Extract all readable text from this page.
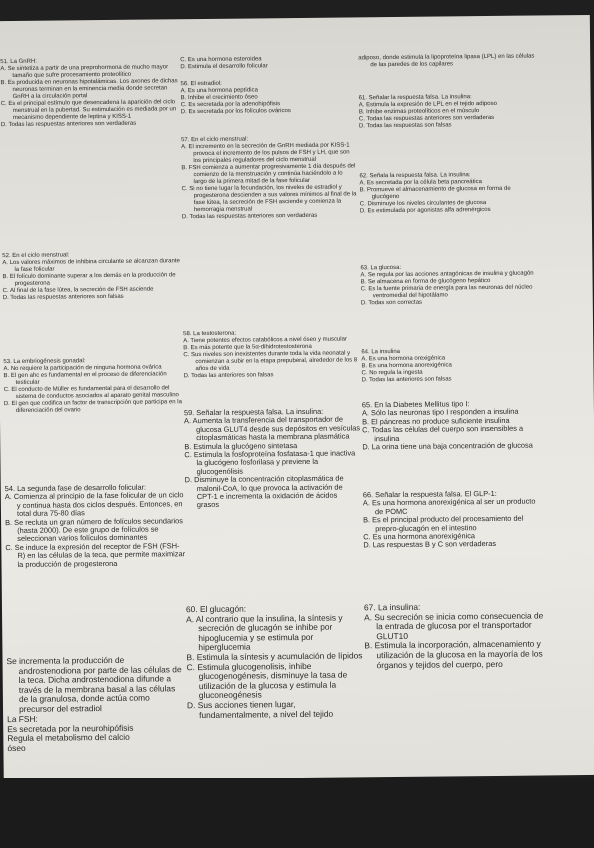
51. La GnRH:
A. Se sintetiza a partir de una preprohormona de mucho mayor tamaño que sufre procesamiento proteolítico
B. Es producida en neuronas hipotalámicas. Los axones de dichas neuronas terminan en la eminencia media donde secretan GnRH a la circulación portal
C. Es el principal estímulo que desencadena la aparición del ciclo menstrual en la pubertad. Su estimulación es mediada por un mecanismo dependiente de leptina y KISS-1
D. Todas las respuestas anteriores son verdaderas
52. En el ciclo menstrual:
A. Los valores máximos de inhibina circulante se alcanzan durante la fase folicular
B. El folículo dominante superar a los demás en la producción de progesterona
C. Al final de la fase lútea, la secreción de FSH asciende
D. Todas las respuestas anteriores son falsas
53. La embriogénesis gonadal:
A. No requiere la participación de ninguna hormona ovárica
B. El gen ahc es fundamental en el proceso de diferenciación testicular
C. El conducto de Müller es fundamental para el desarrollo del sistema de conductos asociados al aparato genital masculino
D. El gen que codifica un factor de transcripción que participa en la diferenciación del ovario
54. La segunda fase de desarrollo folicular:
A. Comienza al principio de la fase folicular de un ciclo y continua hasta dos ciclos después. Entonces, en total dura 75-80 días
B. Se recluta un gran número de folículos secundarios (hasta 2000). De este grupo de folículos se seleccionan varios folículos dominantes
C. Se induce la expresión del receptor de FSH (FSH-R) en las células de la teca, que permite maximizar la producción de progesterona
Se incrementa la producción de androstenodiona por parte de las células de la teca. Dicha androstenodiona difunde a través de la membrana basal a las células de la granulosa, donde actúa como precursor del estradiol
La FSH:
Es secretada por la neurohipófisis
Regula el metabolismo del calcio
óseo
C. Es una hormona esteroidea
D. Estimula el desarrollo folicular
56. El estradiol:
A. Es una hormona peptídica
B. Inhibe el crecimiento óseo
C. Es secretada por la adenohipófisis
D. Es secretada por los folículos ováricos
57. En el ciclo menstrual:
A. El incremento en la secreción de GnRH mediada por KISS-1 provoca el incremento de los pulsos de FSH y LH, que son los principales reguladores del ciclo menstrual
B. FSH comienza a aumentar progresivamente 1 día después del comienzo de la menstruación y continúa haciéndolo a lo largo de la primera mitad de la fase folicular
C. Si no tiene lugar la fecundación, los niveles de estradiol y progesterona descienden a sus valores mínimos al final de la fase lútea, la secreción de FSH asciende y comienza la hemorragia menstrual
D. Todas las respuestas anteriores son verdaderas
58. La testosterona:
A. Tiene potentes efectos catabólicos a nivel óseo y muscular
B. Es más potente que la 5α-dihidrotestosterona
C. Sus niveles son inexistentes durante toda la vida neonatal y comienzan a subir en la etapa prepuberal, alrededor de los 8 años de vida
D. Todas las anteriores son falsas
59. Señalar la respuesta falsa. La insulina:
A. Aumenta la transferencia del transportador de glucosa GLUT4 desde sus depósitos en vesículas citoplasmáticas hasta la membrana plasmática
B. Estimula la glucógeno sintetasa
C. Estimula la fosfoproteína fosfatasa-1 que inactiva la glucógeno fosforilasa y previene la glucogenólisis
D. Disminuye la concentración citoplasmática de malonil-CoA, lo que provoca la activación de CPT-1 e incrementa la oxidación de ácidos grasos
60. El glucagón:
A. Al contrario que la insulina, la síntesis y secreción de glucagón se inhibe por hipoglucemia y se estimula por hiperglucemia
B. Estimula la síntesis y acumulación de lípidos
C. Estimula glucogenolisis, inhibe glucogenogénesis, disminuye la tasa de utilización de la glucosa y estimula la gluconeogénesis
D. Sus acciones tienen lugar, fundamentalmente, a nivel del tejido
adiposo, donde estimula la lipoproteína lipasa (LPL) en las células de las paredes de los capilares
61. Señalar la respuesta falsa. La insulina:
A. Estimula la expresión de LPL en el tejido adiposo
B. Inhibe enzimas proteolíticos en el músculo
C. Todas las respuestas anteriores son verdaderas
D. Todas las respuestas son falsas
62. Señala la respuesta falsa. La insulina:
A. Es secretada por la célula beta pancreática
B. Promueve el almacenamiento de glucosa en forma de glucógeno
C. Disminuye los niveles circulantes de glucosa
D. Es estimulada por agonistas alfa adrenérgicos
63. La glucosa:
A. Se regula por las acciones antagónicas de insulina y glucagón
B. Se almacena en forma de glucógeno hepático
C. Es la fuente primaria de energía para las neuronas del núcleo ventromedial del hipotálamo
D. Todas son correctas
64. La insulina
A. Es una hormona orexigénica
B. Es una hormona anorexigénica
C. No regula la ingesta
D. Todas las anteriores son falsas
65. En la Diabetes Mellitus tipo I:
A. Sólo las neuronas tipo I responden a insulina
B. El páncreas no produce suficiente insulina
C. Todas las células del cuerpo son insensibles a insulina
D. La orina tiene una baja concentración de glucosa
66. Señalar la respuesta falsa. El GLP-1:
A. Es una hormona anorexigénica al ser un producto de POMC
B. Es el principal producto del procesamiento del prepro-glucagón en el intestino
C. Es una hormona anorexigénica
D. Las respuestas B y C son verdaderas
67. La insulina:
A. Su secreción se inicia como consecuencia de la entrada de glucosa por el transportador GLUT10
B. Estimula la incorporación, almacenamiento y utilización de la glucosa en la mayoría de los órganos y tejidos del cuerpo, pero
